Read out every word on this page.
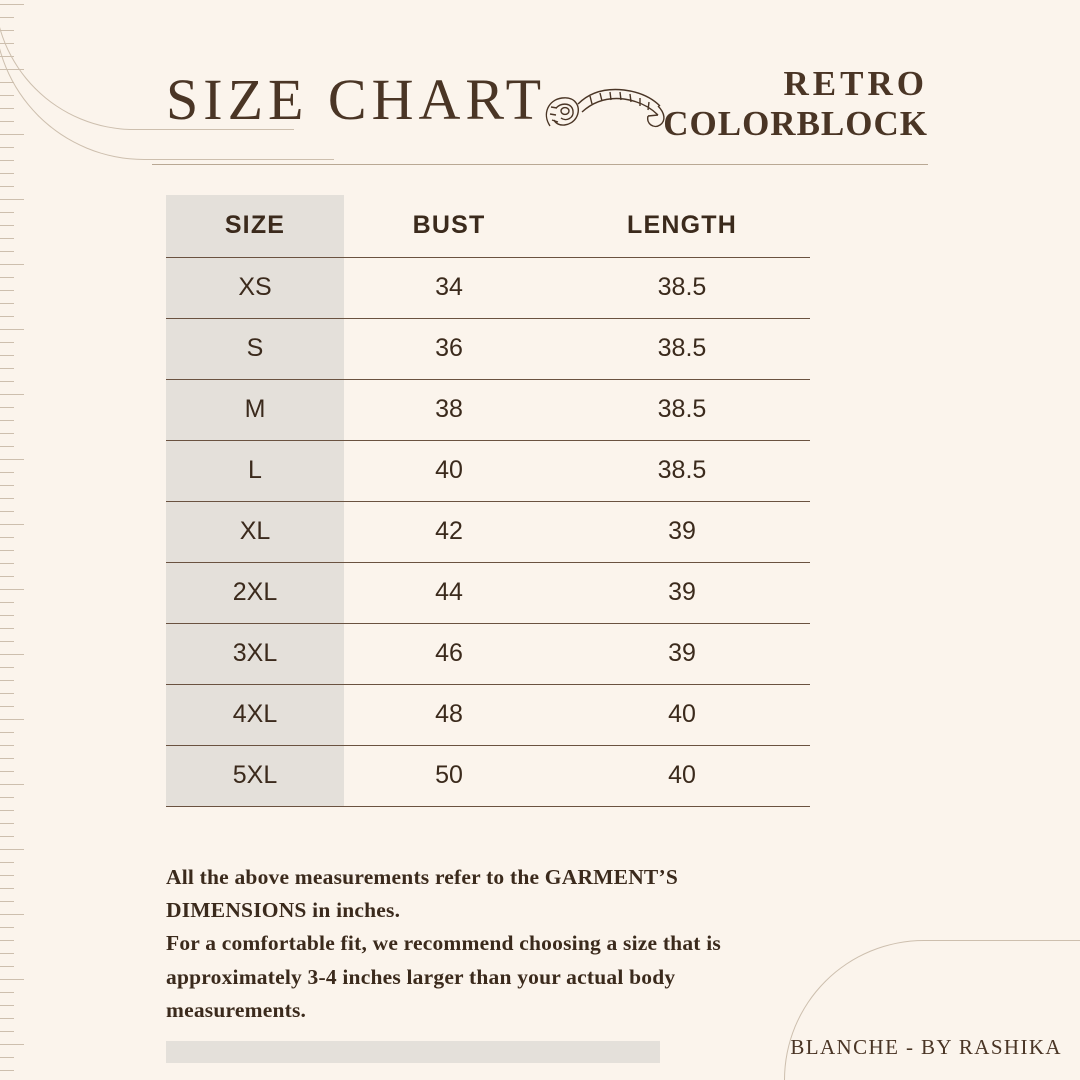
SIZE CHART	RETRO
COLORBLOCK
SIZE	BUST	LENGTH
XS	34	38.5
S	36	38.5
M	38	38.5
L	40	38.5
XL	42	39
2XL	44	39
3XL	46	39
4XL	48	40
5XL	50	40

All the above measurements refer to the GARMENT’S

DIMENSIONS in inches.

For a comfortable fit, we recommend choosing a size that is

approximately 3-4 inches larger than your actual body

measurements.

BLANCHE - BY RASHIKA
